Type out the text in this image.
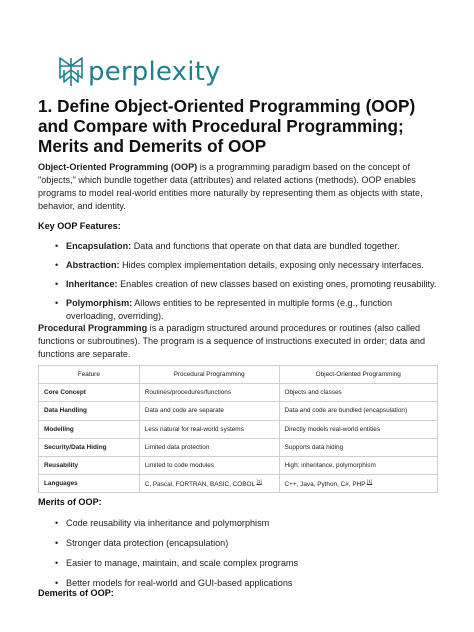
perplexity
1. Define Object-Oriented Programming (OOP) and Compare with Procedural Programming; Merits and Demerits of OOP

Object-Oriented Programming (OOP) is a programming paradigm based on the concept of "objects," which bundle together data (attributes) and related actions (methods). OOP enables programs to model real-world entities more naturally by representing them as objects with state, behavior, and identity.

Key OOP Features:
• Encapsulation: Data and functions that operate on that data are bundled together.
• Abstraction: Hides complex implementation details, exposing only necessary interfaces.
• Inheritance: Enables creation of new classes based on existing ones, promoting reusability.
• Polymorphism: Allows entities to be represented in multiple forms (e.g., function overloading, overriding).

Procedural Programming is a paradigm structured around procedures or routines (also called functions or subroutines). The program is a sequence of instructions executed in order; data and functions are separate.

Feature	Procedural Programming	Object-Oriented Programming
Core Concept	Routines/procedures/functions	Objects and classes
Data Handling	Data and code are separate	Data and code are bundled (encapsulation)
Modelling	Less natural for real-world systems	Directly models real-world entities
Security/Data Hiding	Limited data protection	Supports data hiding
Reusability	Limited to code modules	High: inheritance, polymorphism
Languages	C, Pascal, FORTRAN, BASIC, COBOL [1]	C++, Java, Python, C#, PHP [1]
Merits of OOP:
• Code reusability via inheritance and polymorphism
• Stronger data protection (encapsulation)
• Easier to manage, maintain, and scale complex programs
• Better models for real-world and GUI-based applications
Demerits of OOP:
